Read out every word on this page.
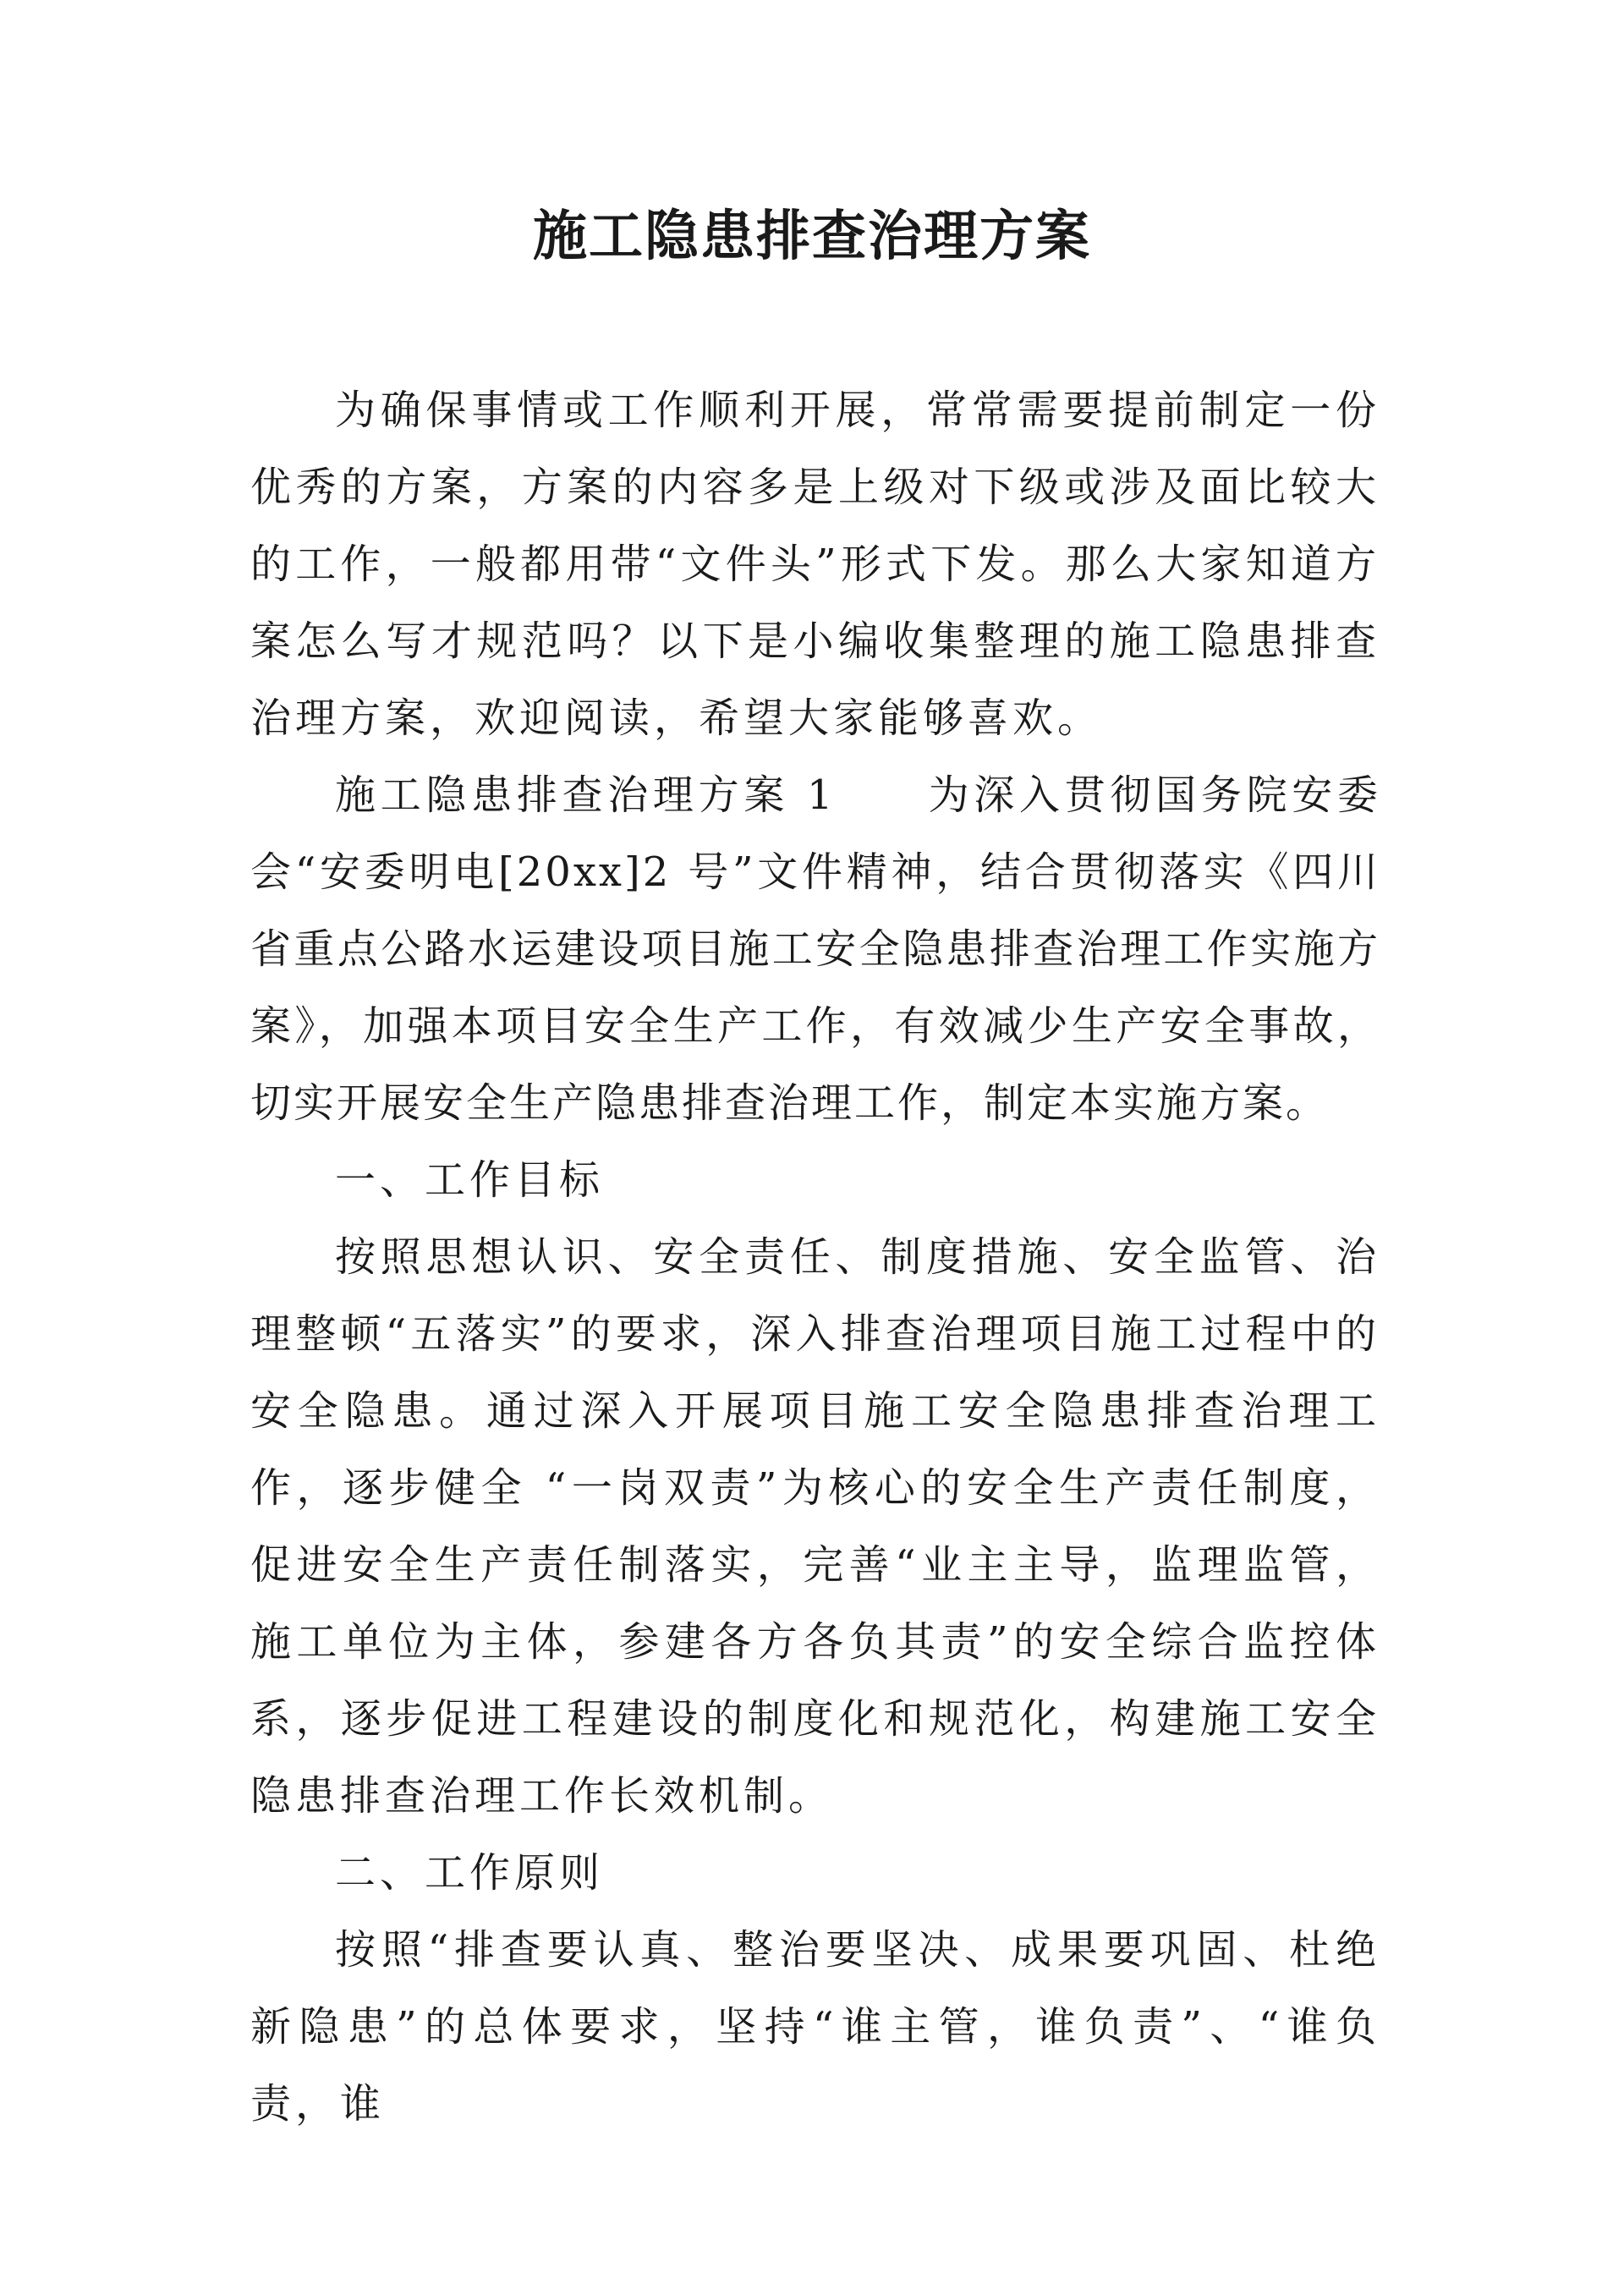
施工隐患排查治理方案

为确保事情或工作顺利开展，常常需要提前制定一份优秀的方案，方案的内容多是上级对下级或涉及面比较大的工作，一般都用带“文件头”形式下发。那么大家知道方案怎么写才规范吗？以下是小编收集整理的施工隐患排查治理方案，欢迎阅读，希望大家能够喜欢。

施工隐患排查治理方案 1　　为深入贯彻国务院安委会“安委明电[20xx]2 号”文件精神，结合贯彻落实《四川省重点公路水运建设项目施工安全隐患排查治理工作实施方案》，加强本项目安全生产工作，有效减少生产安全事故，切实开展安全生产隐患排查治理工作，制定本实施方案。

一、工作目标

按照思想认识、安全责任、制度措施、安全监管、治理整顿“五落实”的要求，深入排查治理项目施工过程中的安全隐患。通过深入开展项目施工安全隐患排查治理工作，逐步健全 “一岗双责”为核心的安全生产责任制度，促进安全生产责任制落实，完善“业主主导，监理监管，施工单位为主体，参建各方各负其责”的安全综合监控体系，逐步促进工程建设的制度化和规范化，构建施工安全隐患排查治理工作长效机制。

二、工作原则

按照“排查要认真、整治要坚决、成果要巩固、杜绝新隐患”的总体要求，坚持“谁主管，谁负责”、“谁负责，谁
